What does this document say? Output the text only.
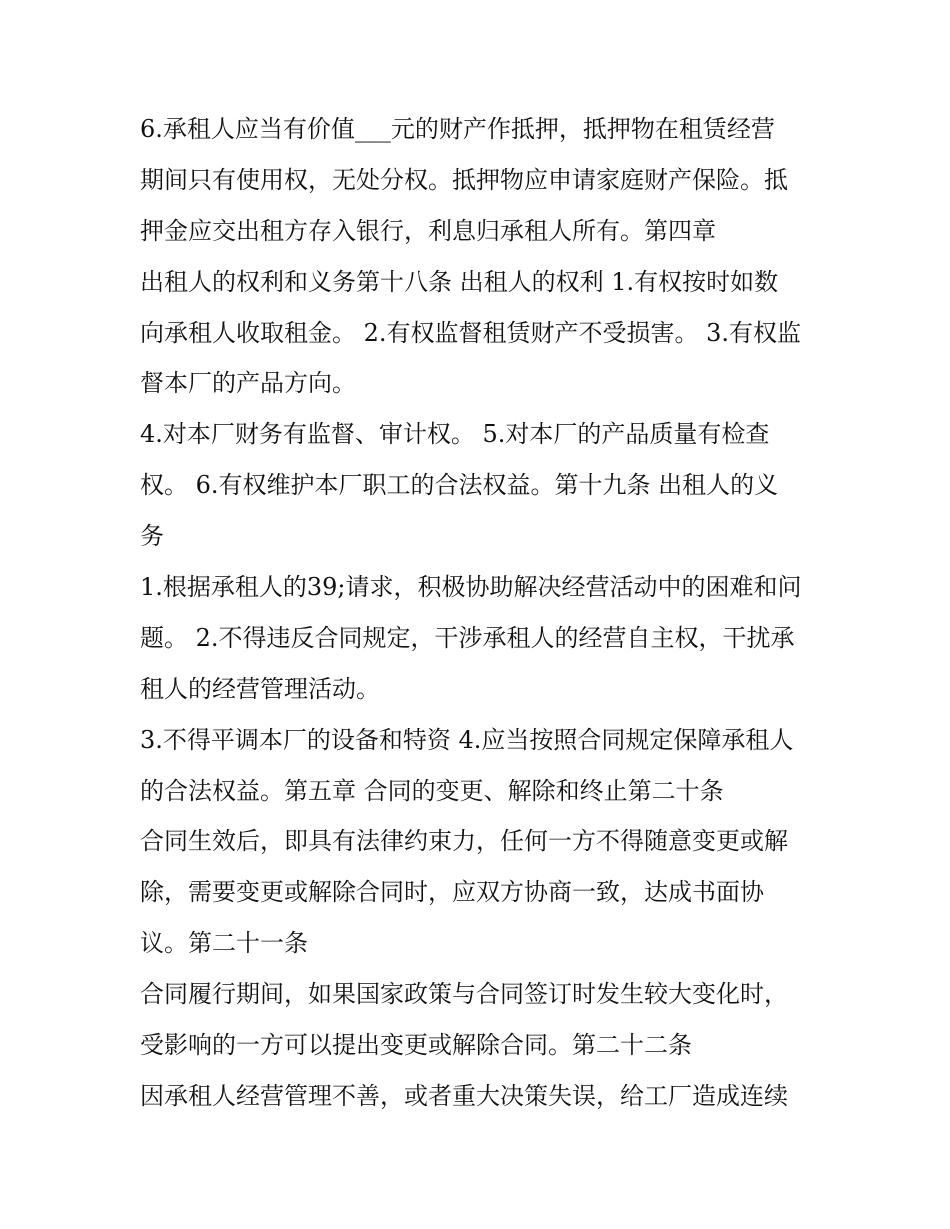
6.承租人应当有价值___元的财产作抵押，抵押物在租赁经营
期间只有使用权，无处分权。抵押物应申请家庭财产保险。抵
押金应交出租方存入银行，利息归承租人所有。第四章
出租人的权利和义务第十八条 出租人的权利 1.有权按时如数
向承租人收取租金。 2.有权监督租赁财产不受损害。 3.有权监
督本厂的产品方向。
4.对本厂财务有监督、审计权。 5.对本厂的产品质量有检查
权。 6.有权维护本厂职工的合法权益。第十九条 出租人的义
务
1.根据承租人的39;请求，积极协助解决经营活动中的困难和问
题。 2.不得违反合同规定，干涉承租人的经营自主权，干扰承
租人的经营管理活动。
3.不得平调本厂的设备和特资 4.应当按照合同规定保障承租人
的合法权益。第五章 合同的变更、解除和终止第二十条
合同生效后，即具有法律约束力，任何一方不得随意变更或解
除，需要变更或解除合同时，应双方协商一致，达成书面协
议。第二十一条
合同履行期间，如果国家政策与合同签订时发生较大变化时，
受影响的一方可以提出变更或解除合同。第二十二条
因承租人经营管理不善，或者重大决策失误，给工厂造成连续
